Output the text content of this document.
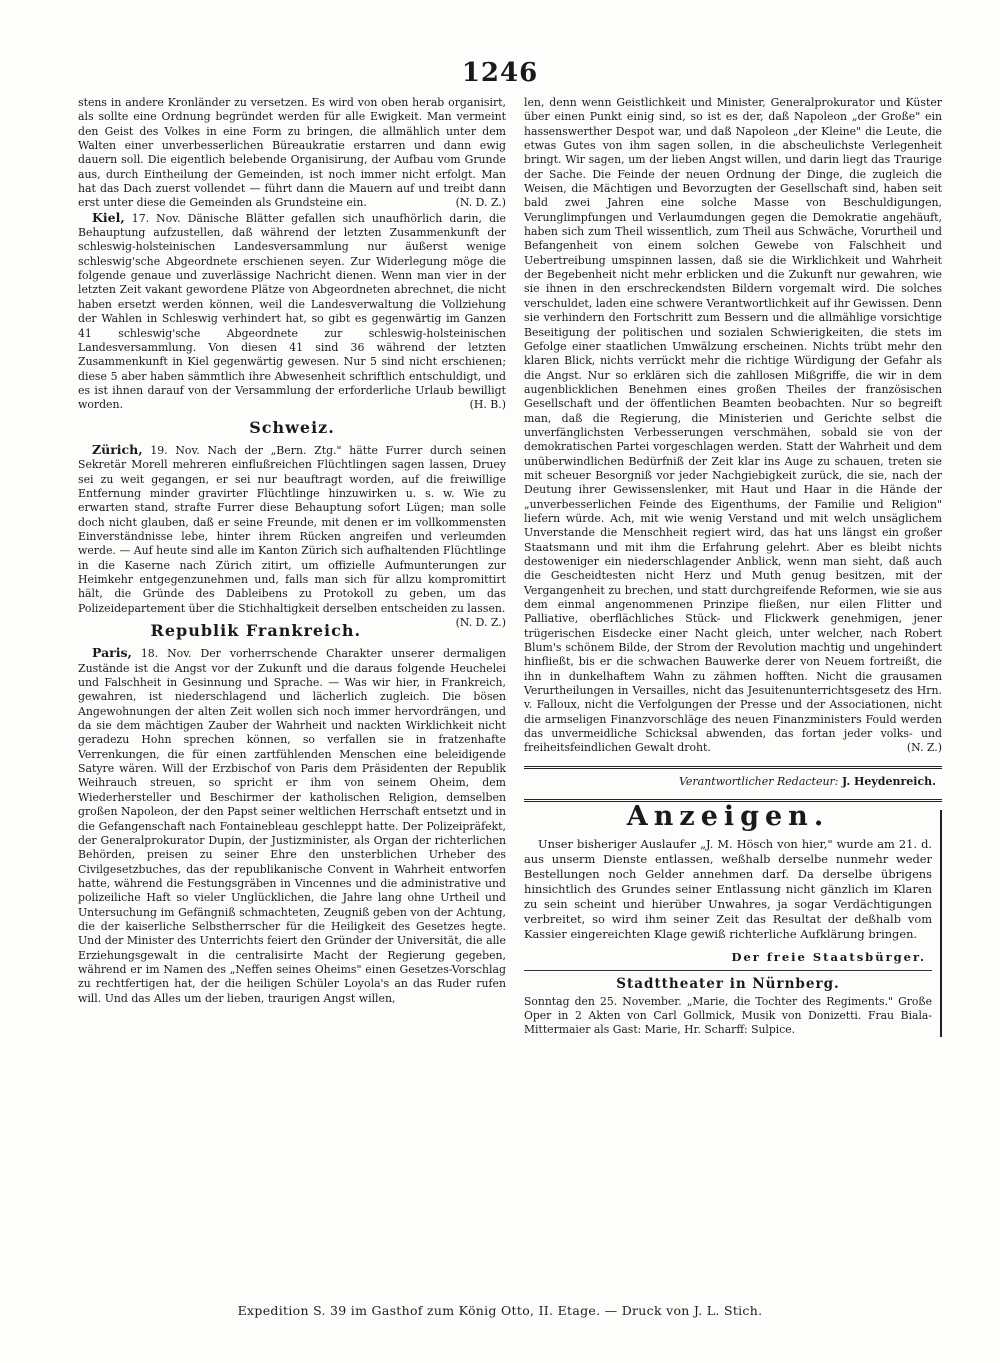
1246

stens in andere Kronländer zu versetzen. Es wird von oben herab organisirt, als sollte eine Ordnung begründet werden für alle Ewigkeit. Man vermeint den Geist des Volkes in eine Form zu bringen, die allmählich unter dem Walten einer unverbesserlichen Büreaukratie erstarren und dann ewig dauern soll. Die eigentlich belebende Organisirung, der Aufbau vom Grunde aus, durch Eintheilung der Gemeinden, ist noch immer nicht erfolgt. Man hat das Dach zuerst vollendet — führt dann die Mauern auf und treibt dann erst unter diese die Gemeinden als Grundsteine ein.	(N. D. Z.)

Kiel, 17. Nov. Dänische Blätter gefallen sich unaufhörlich darin, die Behauptung aufzustellen, daß während der letzten Zusammenkunft der schleswig-holsteinischen Landesversammlung nur äußerst wenige schleswig'sche Abgeordnete erschienen seyen. Zur Widerlegung möge die folgende genaue und zuverlässige Nachricht dienen. Wenn man vier in der letzten Zeit vakant gewordene Plätze von Abgeordneten abrechnet, die nicht haben ersetzt werden können, weil die Landesverwaltung die Vollziehung der Wahlen in Schleswig verhindert hat, so gibt es gegenwärtig im Ganzen 41 schleswig'sche Abgeordnete zur schleswig-holsteinischen Landesversammlung. Von diesen 41 sind 36 während der letzten Zusammenkunft in Kiel gegenwärtig gewesen. Nur 5 sind nicht erschienen; diese 5 aber haben sämmtlich ihre Abwesenheit schriftlich entschuldigt, und es ist ihnen darauf von der Versammlung der erforderliche Urlaub bewilligt worden.	(H. B.)

Schweiz.

Zürich, 19. Nov. Nach der „Bern. Ztg." hätte Furrer durch seinen Sekretär Morell mehreren einflußreichen Flüchtlingen sagen lassen, Druey sei zu weit gegangen, er sei nur beauftragt worden, auf die freiwillige Entfernung minder gravirter Flüchtlinge hinzuwirken u. s. w. Wie zu erwarten stand, strafte Furrer diese Behauptung sofort Lügen; man solle doch nicht glauben, daß er seine Freunde, mit denen er im vollkommensten Einverständnisse lebe, hinter ihrem Rücken angreifen und verleumden werde. — Auf heute sind alle im Kanton Zürich sich aufhaltenden Flüchtlinge in die Kaserne nach Zürich zitirt, um offizielle Aufmunterungen zur Heimkehr entgegenzunehmen und, falls man sich für allzu kompromittirt hält, die Gründe des Dableibens zu Protokoll zu geben, um das Polizeidepartement über die Stichhaltigkeit derselben entscheiden zu lassen.
(N. D. Z.)

Republik Frankreich.

Paris, 18. Nov. Der vorherrschende Charakter unserer dermaligen Zustände ist die Angst vor der Zukunft und die daraus folgende Heuchelei und Falschheit in Gesinnung und Sprache. — Was wir hier, in Frankreich, gewahren, ist niederschlagend und lächerlich zugleich. Die bösen Angewohnungen der alten Zeit wollen sich noch immer hervordrängen, und da sie dem mächtigen Zauber der Wahrheit und nackten Wirklichkeit nicht geradezu Hohn sprechen können, so verfallen sie in fratzenhafte Verrenkungen, die für einen zartfühlenden Menschen eine beleidigende Satyre wären. Will der Erzbischof von Paris dem Präsidenten der Republik Weihrauch streuen, so spricht er ihm von seinem Oheim, dem Wiederhersteller und Beschirmer der katholischen Religion, demselben großen Napoleon, der den Papst seiner weltlichen Herrschaft entsetzt und in die Gefangenschaft nach Fontainebleau geschleppt hatte. Der Polizeipräfekt, der Generalprokurator Dupin, der Justizminister, als Organ der richterlichen Behörden, preisen zu seiner Ehre den unsterblichen Urheber des Civilgesetzbuches, das der republikanische Convent in Wahrheit entworfen hatte, während die Festungsgräben in Vincennes und die administrative und polizeiliche Haft so vieler Unglücklichen, die Jahre lang ohne Urtheil und Untersuchung im Gefängniß schmachteten, Zeugniß geben von der Achtung, die der kaiserliche Selbstherrscher für die Heiligkeit des Gesetzes hegte. Und der Minister des Unterrichts feiert den Gründer der Universität, die alle Erziehungsgewalt in die centralisirte Macht der Regierung gegeben, während er im Namen des „Neffen seines Oheims" einen Gesetzes-Vorschlag zu rechtfertigen hat, der die heiligen Schüler Loyola's an das Ruder rufen will. Und das Alles um der lieben, traurigen Angst willen,

len, denn wenn Geistlichkeit und Minister, Generalprokurator und Küster über einen Punkt einig sind, so ist es der, daß Napoleon „der Große" ein hassenswerther Despot war, und daß Napoleon „der Kleine" die Leute, die etwas Gutes von ihm sagen sollen, in die abscheulichste Verlegenheit bringt. Wir sagen, um der lieben Angst willen, und darin liegt das Traurige der Sache. Die Feinde der neuen Ordnung der Dinge, die zugleich die Weisen, die Mächtigen und Bevorzugten der Gesellschaft sind, haben seit bald zwei Jahren eine solche Masse von Beschuldigungen, Verunglimpfungen und Verlaumdungen gegen die Demokratie angehäuft, haben sich zum Theil wissentlich, zum Theil aus Schwäche, Vorurtheil und Befangenheit von einem solchen Gewebe von Falschheit und Uebertreibung umspinnen lassen, daß sie die Wirklichkeit und Wahrheit der Begebenheit nicht mehr erblicken und die Zukunft nur gewahren, wie sie ihnen in den erschreckendsten Bildern vorgemalt wird. Die solches verschuldet, laden eine schwere Verantwortlichkeit auf ihr Gewissen. Denn sie verhindern den Fortschritt zum Bessern und die allmählige vorsichtige Beseitigung der politischen und sozialen Schwierigkeiten, die stets im Gefolge einer staatlichen Umwälzung erscheinen. Nichts trübt mehr den klaren Blick, nichts verrückt mehr die richtige Würdigung der Gefahr als die Angst. Nur so erklären sich die zahllosen Mißgriffe, die wir in dem augenblicklichen Benehmen eines großen Theiles der französischen Gesellschaft und der öffentlichen Beamten beobachten. Nur so begreift man, daß die Regierung, die Ministerien und Gerichte selbst die unverfänglichsten Verbesserungen verschmähen, sobald sie von der demokratischen Partei vorgeschlagen werden. Statt der Wahrheit und dem unüberwindlichen Bedürfniß der Zeit klar ins Auge zu schauen, treten sie mit scheuer Besorgniß vor jeder Nachgiebigkeit zurück, die sie, nach der Deutung ihrer Gewissenslenker, mit Haut und Haar in die Hände der „unverbesserlichen Feinde des Eigenthums, der Familie und Religion" liefern würde. Ach, mit wie wenig Verstand und mit welch unsäglichem Unverstande die Menschheit regiert wird, das hat uns längst ein großer Staatsmann und mit ihm die Erfahrung gelehrt. Aber es bleibt nichts destoweniger ein niederschlagender Anblick, wenn man sieht, daß auch die Gescheidtesten nicht Herz und Muth genug besitzen, mit der Vergangenheit zu brechen, und statt durchgreifende Reformen, wie sie aus dem einmal angenommenen Prinzipe fließen, nur eilen Flitter und Palliative, oberflächliches Stück- und Flickwerk genehmigen, jener trügerischen Eisdecke einer Nacht gleich, unter welcher, nach Robert Blum's schönem Bilde, der Strom der Revolution machtig und ungehindert hinfließt, bis er die schwachen Bauwerke derer von Neuem fortreißt, die ihn in dunkelhaftem Wahn zu zähmen hofften. Nicht die grausamen Verurtheilungen in Versailles, nicht das Jesuitenunterrichtsgesetz des Hrn. v. Falloux, nicht die Verfolgungen der Presse und der Associationen, nicht die armseligen Finanzvorschläge des neuen Finanzministers Fould werden das unvermeidliche Schicksal abwenden, das fortan jeder volks- und freiheitsfeindlichen Gewalt droht.	(N. Z.)

Verantwortlicher Redacteur: J. Heydenreich.
Anzeigen.

Unser bisheriger Auslaufer „J. M. Hösch von hier," wurde am 21. d. aus unserm Dienste entlassen, weßhalb derselbe nunmehr weder Bestellungen noch Gelder annehmen darf. Da derselbe übrigens hinsichtlich des Grundes seiner Entlassung nicht gänzlich im Klaren zu sein scheint und hierüber Unwahres, ja sogar Verdächtigungen verbreitet, so wird ihm seiner Zeit das Resultat der deßhalb vom Kassier eingereichten Klage gewiß richterliche Aufklärung bringen.

Der freie Staatsbürger.
Stadttheater in Nürnberg.

Sonntag den 25. November. „Marie, die Tochter des Regiments." Große Oper in 2 Akten von Carl Gollmick, Musik von Donizetti. Frau Biala-Mittermaier als Gast: Marie, Hr. Scharff: Sulpice.

Expedition S. 39 im Gasthof zum König Otto, II. Etage. — Druck von J. L. Stich.
